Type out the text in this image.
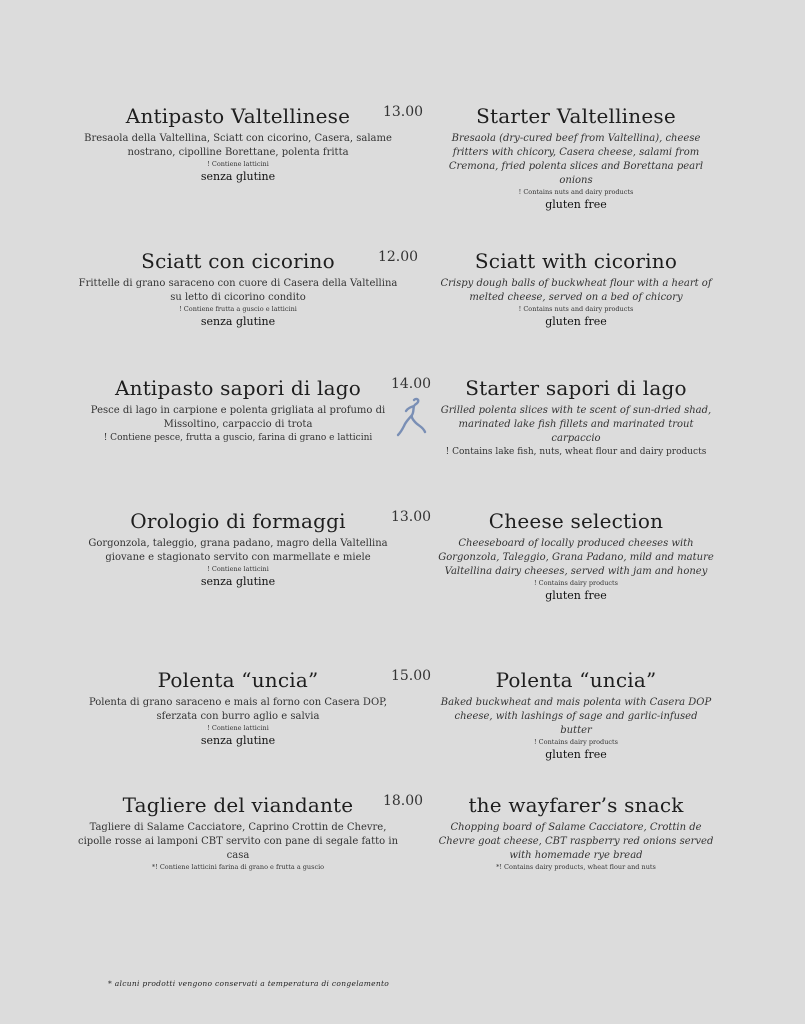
Antipasto Valtellinese
Bresaola della Valtellina, Sciatt con cicorino, Casera, salame nostrano, cipolline Borettane, polenta fritta
! Contiene latticini
senza glutine
13.00	Starter Valtellinese
Bresaola (dry-cured beef from Valtellina), cheese fritters with chicory, Casera cheese, salami from Cremona, fried polenta slices and Borettana pearl onions
! Contains nuts and dairy products
gluten free
Sciatt con cicorino
Frittelle di grano saraceno con cuore di Casera della Valtellina su letto di cicorino condito
! Contiene frutta a guscio e latticini
senza glutine
12.00	Sciatt with cicorino
Crispy dough balls of buckwheat flour with a heart of melted cheese, served on a bed of chicory
! Contains nuts and dairy products
gluten free
Antipasto sapori di lago
Pesce di lago in carpione e polenta grigliata al profumo di Missoltino, carpaccio di trota
! Contiene pesce, frutta a guscio, farina di grano e latticini
14.00	Starter sapori di lago
Grilled polenta slices with te scent of sun-dried shad, marinated lake fish fillets and marinated trout carpaccio
! Contains lake fish, nuts, wheat flour and dairy products
Orologio di formaggi
Gorgonzola, taleggio, grana padano, magro della Valtellina giovane e stagionato servito con marmellate e miele
! Contiene latticini
senza glutine
13.00	Cheese selection
Cheeseboard of locally produced cheeses with Gorgonzola, Taleggio, Grana Padano, mild and mature Valtellina dairy cheeses, served with jam and honey
! Contains dairy products
gluten free
Polenta “uncia”
Polenta di grano saraceno e mais al forno con Casera DOP, sferzata con burro aglio e salvia
! Contiene latticini
senza glutine
15.00	Polenta “uncia”
Baked buckwheat and mais polenta with Casera DOP cheese, with lashings of sage and garlic-infused butter
! Contains dairy products
gluten free
Tagliere del viandante
Tagliere di Salame Cacciatore, Caprino Crottin de Chevre, cipolle rosse ai lamponi CBT servito con pane di segale fatto in casa
*! Contiene latticini farina di grano e frutta a guscio
18.00	the wayfarer’s snack
Chopping board of Salame Cacciatore, Crottin de Chevre goat cheese, CBT raspberry red onions served with homemade rye bread
*! Contains dairy products, wheat flour and nuts
* alcuni prodotti vengono conservati a temperatura di congelamento
